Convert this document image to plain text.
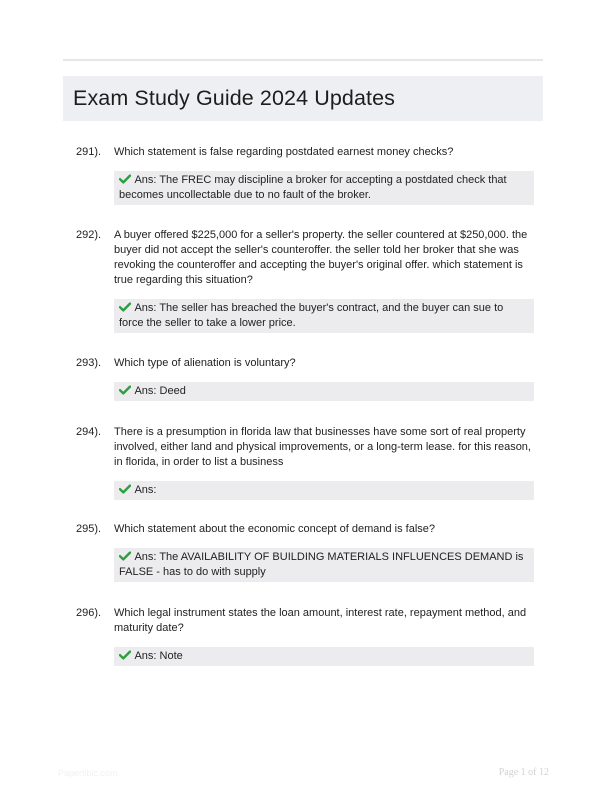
Exam Study Guide 2024 Updates
291). Which statement is false regarding postdated earnest money checks?
Ans: The FREC may discipline a broker for accepting a postdated check that becomes uncollectable due to no fault of the broker.
292). A buyer offered $225,000 for a seller's property. the seller countered at $250,000. the buyer did not accept the seller's counteroffer. the seller told her broker that she was revoking the counteroffer and accepting the buyer's original offer. which statement is true regarding this situation?
Ans: The seller has breached the buyer's contract, and the buyer can sue to force the seller to take a lower price.
293). Which type of alienation is voluntary?
Ans: Deed
294). There is a presumption in florida law that businesses have some sort of real property involved, either land and physical improvements, or a long-term lease. for this reason, in florida, in order to list a business
Ans:
295). Which statement about the economic concept of demand is false?
Ans: The AVAILABILITY OF BUILDING MATERIALS INFLUENCES DEMAND is FALSE - has to do with supply
296). Which legal instrument states the loan amount, interest rate, repayment method, and maturity date?
Ans: Note
Papertibic.com	Page 1 of 12
